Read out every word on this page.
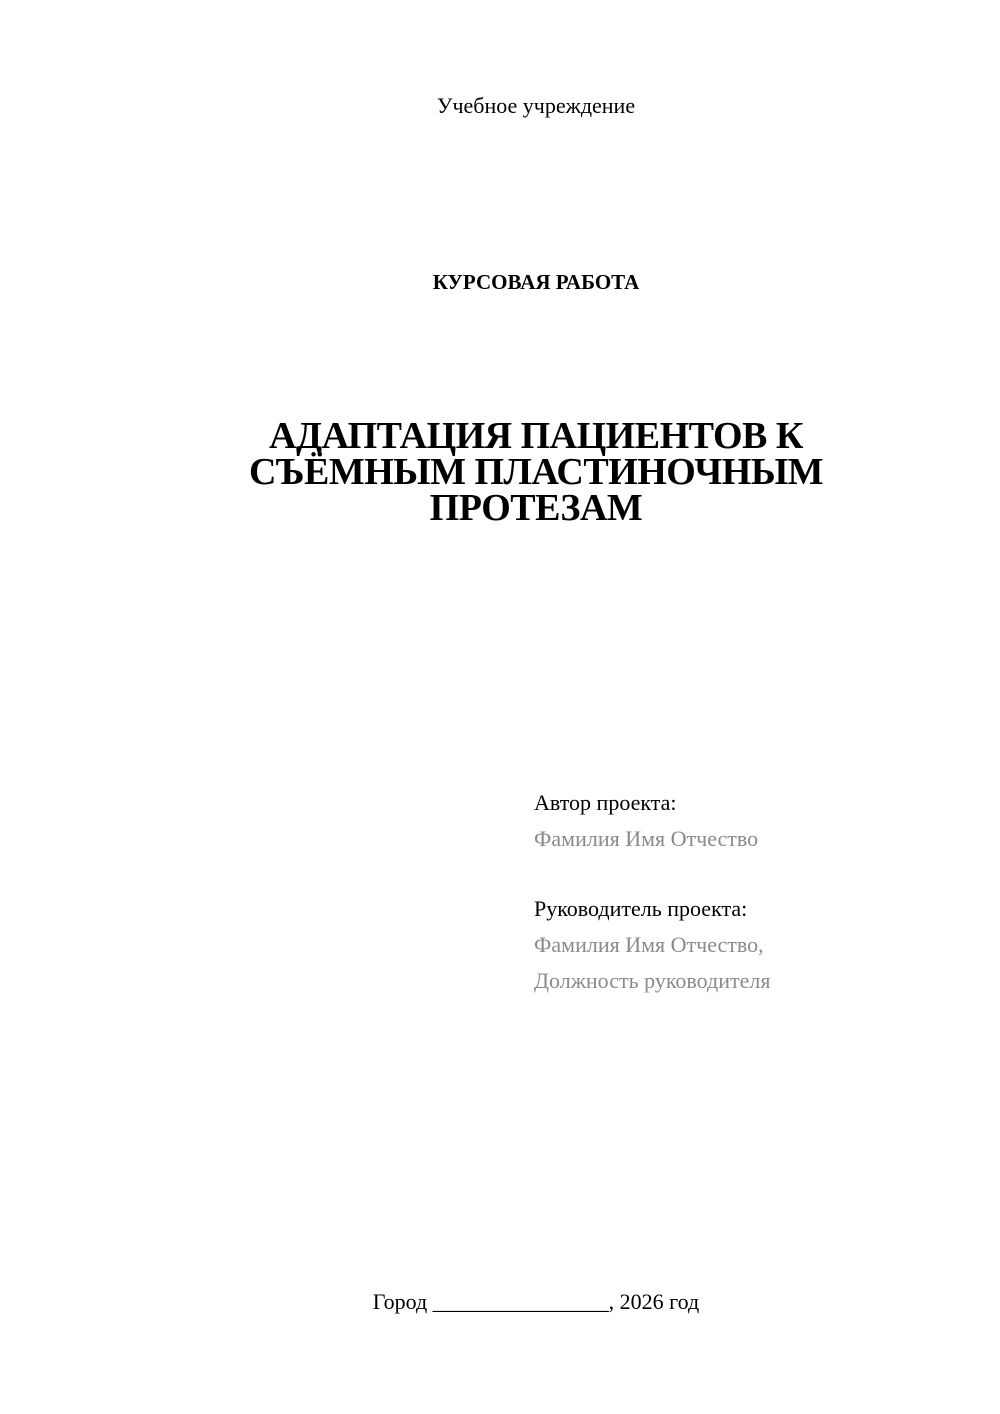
Учебное учреждение
КУРСОВАЯ РАБОТА
АДАПТАЦИЯ ПАЦИЕНТОВ К
СЪЁМНЫМ ПЛАСТИНОЧНЫМ
ПРОТЕЗАМ
Автор проекта:
Фамилия Имя Отчество
Руководитель проекта:
Фамилия Имя Отчество,
Должность руководителя
Город ________________, 2026 год
